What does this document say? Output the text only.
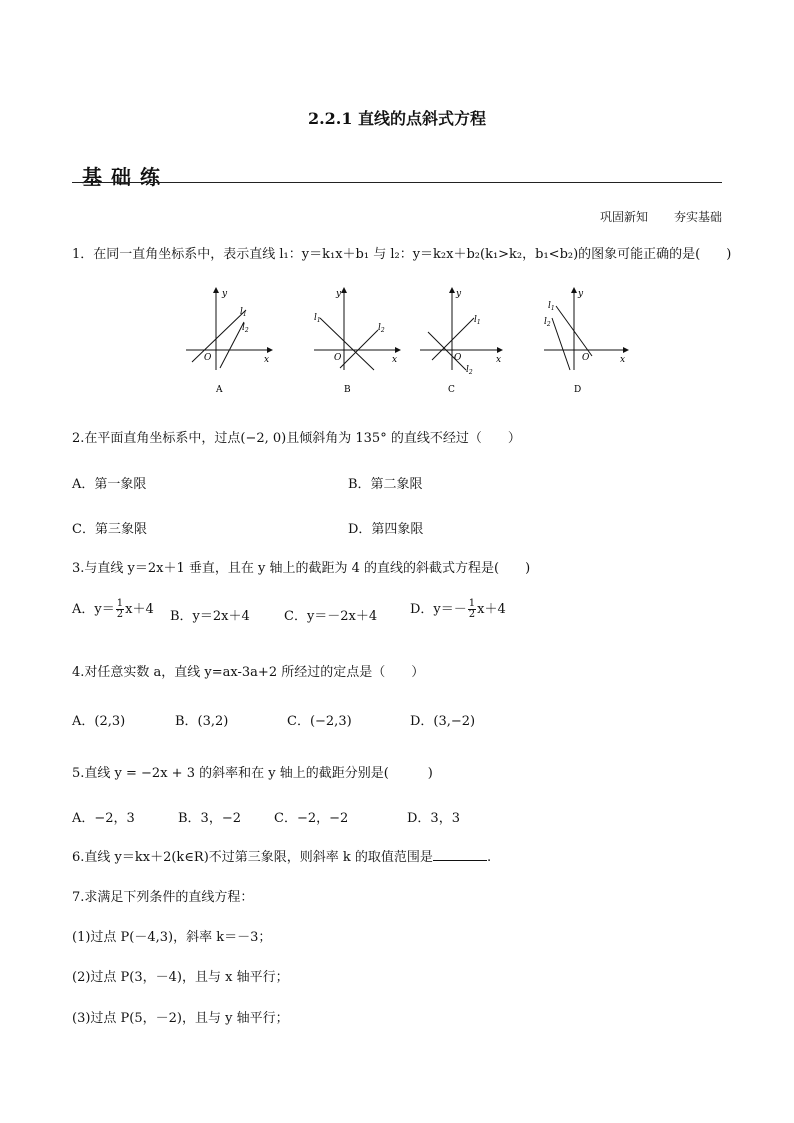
2.2.1 直线的点斜式方程
基础练
巩固新知 夯实基础
1．在同一直角坐标系中，表示直线 l₁：y＝k₁x＋b₁ 与 l₂：y＝k₂x＋b₂(k₁>k₂，b₁<b₂)的图象可能正确的是(　　)
y
x
O
$l_1$
$l_2$
A
y
x
O
$l_1$
$l_2$
B
y
x
O
$l_1$
$l_2$
C
y
x
O
$l_1$
$l_2$
D
2.在平面直角坐标系中，过点(−2, 0)且倾斜角为 135° 的直线不经过（　　）
A．第一象限	B．第二象限
C．第三象限	D．第四象限
3.与直线 y＝2x＋1 垂直，且在 y 轴上的截距为 4 的直线的斜截式方程是(　　)
A．$y= \frac{1}{2} x+4$ B．y＝2x＋4	C．y＝－2x＋4	D．$y=- \frac{1}{2} x+4$
4.对任意实数 a，直线 y=ax-3a+2 所经过的定点是（　　）
A．(2,3)	B．(3,2)	C．(−2,3)	D．(3,−2)
5.直线 y = −2x + 3 的斜率和在 y 轴上的截距分别是(　　　)
A．−2，3	B．3，−2	C．−2，−2	D．3，3
6.直线 y＝kx＋2(k∈R)不过第三象限，则斜率 k 的取值范围是	.
7.求满足下列条件的直线方程：
(1)过点 P(－4,3)，斜率 k＝－3；
(2)过点 P(3，－4)，且与 x 轴平行；
(3)过点 P(5，－2)，且与 y 轴平行；
